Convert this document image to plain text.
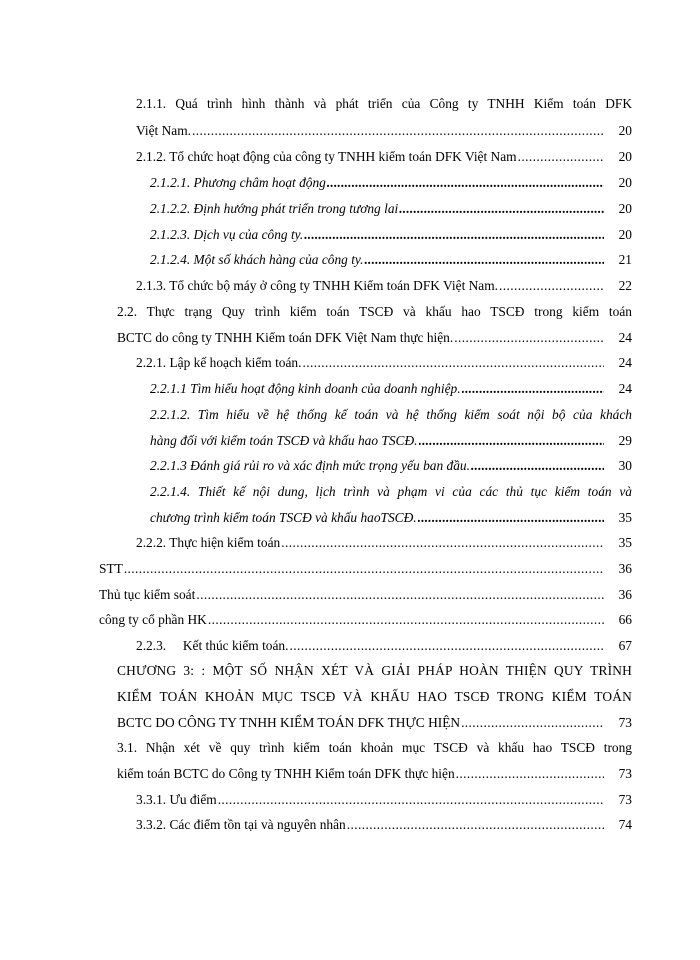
2.1.1. Quá trình hình thành và phát triển của Công ty TNHH Kiểm toán DFK
Việt Nam. .....	20
2.1.2. Tổ chức hoạt động của công ty TNHH kiểm toán DFK Việt Nam .....	20
2.1.2.1. Phương châm hoạt động .....	20
2.1.2.2. Định hướng phát triển trong tương lai .....	20
2.1.2.3. Dịch vụ của công ty. .....	20
2.1.2.4. Một số khách hàng của công ty. .....	21
2.1.3. Tổ chức bộ máy ở công ty TNHH Kiểm toán DFK Việt Nam. .....	22
2.2. Thực trạng Quy trình kiểm toán TSCĐ và khấu hao TSCĐ trong kiểm toán
BCTC do công ty TNHH Kiểm toán DFK Việt Nam thực hiện. .....	24
2.2.1. Lập kế hoạch kiểm toán. .....	24
2.2.1.1 Tìm hiểu hoạt động kinh doanh của doanh nghiệp. .....	24
2.2.1.2. Tìm hiểu về hệ thống kế toán và hệ thống kiểm soát nội bộ của khách
hàng đối với kiểm toán TSCĐ và khấu hao TSCĐ. .....	29
2.2.1.3 Đánh giá rủi ro và xác định mức trọng yếu ban đầu. .....	30
2.2.1.4. Thiết kế nội dung, lịch trình và phạm vi của các thủ tục kiểm toán và
chương trình kiểm toán TSCĐ và khấu haoTSCĐ. .....	35
2.2.2. Thực hiện kiểm toán .....	35
STT .....	36
Thủ tục kiểm soát .....	36
công ty cổ phần HK .....	66
2.2.3.     Kết thúc kiểm toán. .....	67
CHƯƠNG 3: : MỘT SỐ NHẬN XÉT VÀ GIẢI PHÁP HOÀN THIỆN QUY TRÌNH
KIỂM TOÁN KHOẢN MỤC TSCĐ VÀ KHẤU HAO TSCĐ TRONG KIỂM TOÁN
BCTC DO CÔNG TY TNHH KIỂM TOÁN DFK THỰC HIỆN .....	73
3.1. Nhận xét về quy trình kiểm toán khoản mục TSCĐ và khấu hao TSCĐ trong
kiểm toán BCTC do Công ty TNHH Kiểm toán DFK thực hiện .....	73
3.3.1. Ưu điểm .....	73
3.3.2. Các điểm tồn tại và nguyên nhân .....	74
